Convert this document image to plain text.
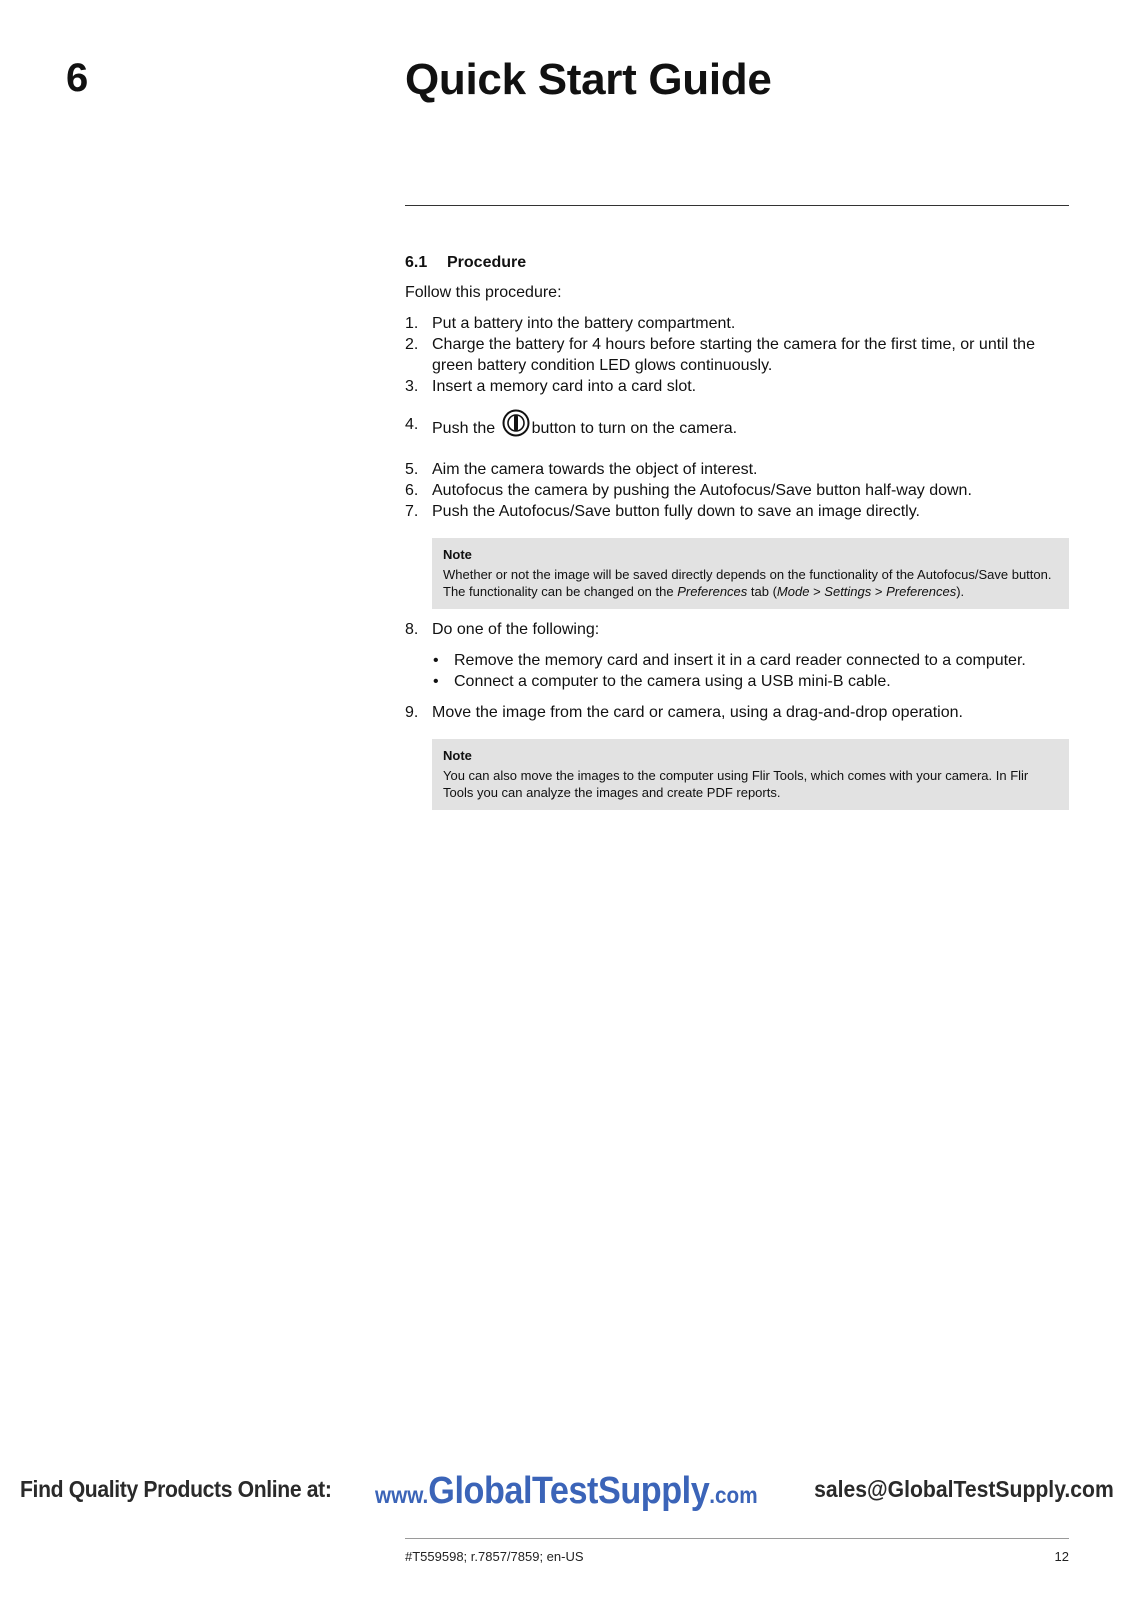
6	Quick Start Guide
6.1 Procedure
Follow this procedure:
1. Put a battery into the battery compartment.
2. Charge the battery for 4 hours before starting the camera for the first time, or until the green battery condition LED glows continuously.
3. Insert a memory card into a card slot.
4. Push the button to turn on the camera.
5. Aim the camera towards the object of interest.
6. Autofocus the camera by pushing the Autofocus/Save button half-way down.
7. Push the Autofocus/Save button fully down to save an image directly.
Note
Whether or not the image will be saved directly depends on the functionality of the Autofocus/Save button. The functionality can be changed on the Preferences tab (Mode > Settings > Preferences).
8. Do one of the following:
• Remove the memory card and insert it in a card reader connected to a computer.
• Connect a computer to the camera using a USB mini-B cable.
9. Move the image from the card or camera, using a drag-and-drop operation.
Note
You can also move the images to the computer using Flir Tools, which comes with your camera. In Flir Tools you can analyze the images and create PDF reports.
Find Quality Products Online at: www.GlobalTestSupply.com sales@GlobalTestSupply.com
#T559598; r.7857/7859; en-US	12
